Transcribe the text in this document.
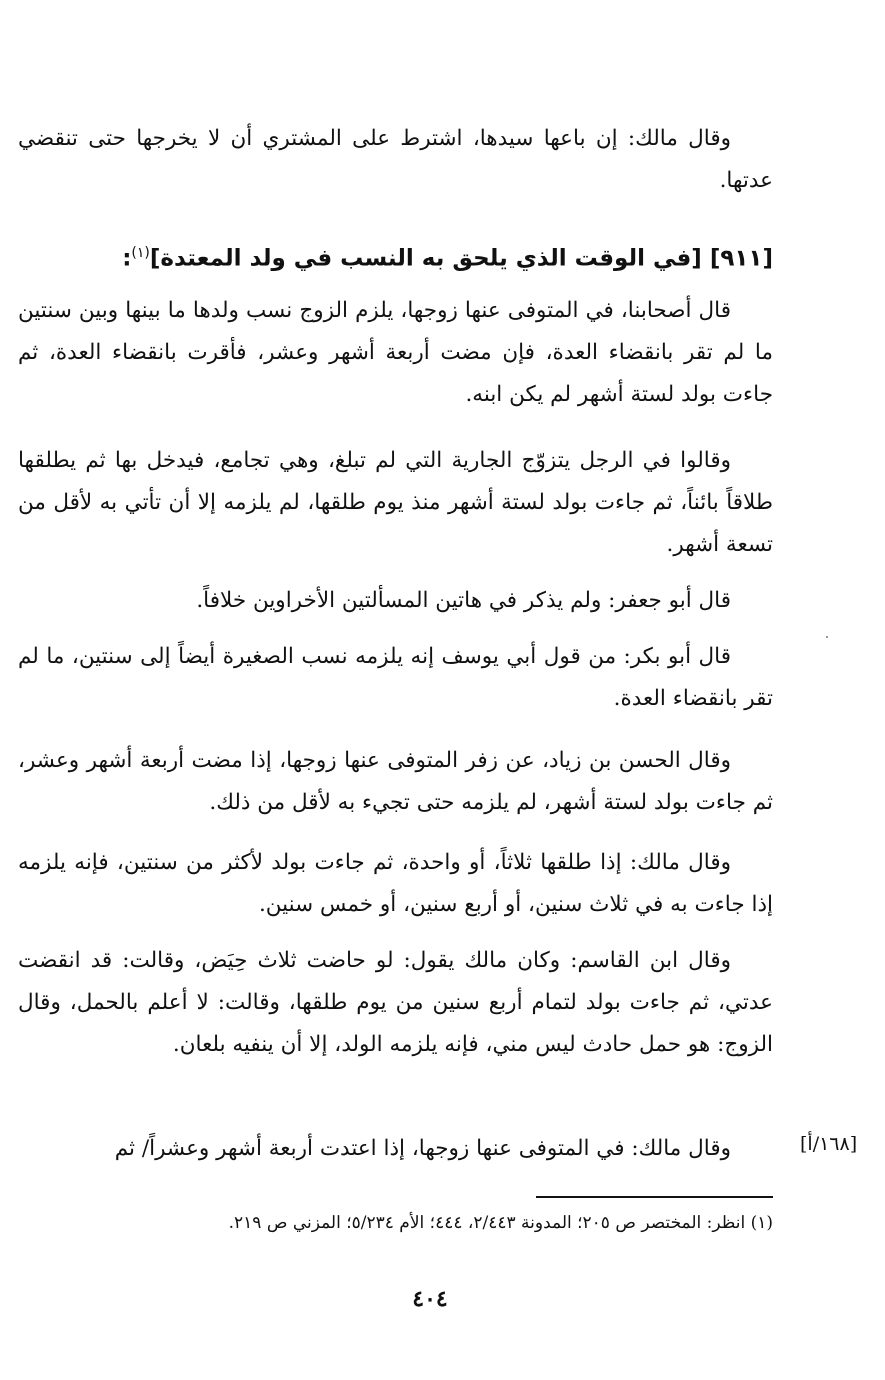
وقال مالك: إن باعها سيدها، اشترط على المشتري أن لا يخرجها حتى تنقضي عدتها.

[٩١١] [في الوقت الذي يلحق به النسب في ولد المعتدة]$^{(١)}$:

قال أصحابنا، في المتوفى عنها زوجها، يلزم الزوج نسب ولدها ما بينها وبين سنتين ما لم تقر بانقضاء العدة، فإن مضت أربعة أشهر وعشر، فأقرت بانقضاء العدة، ثم جاءت بولد لستة أشهر لم يكن ابنه.

وقالوا في الرجل يتزوّج الجارية التي لم تبلغ، وهي تجامع، فيدخل بها ثم يطلقها طلاقاً بائناً، ثم جاءت بولد لستة أشهر منذ يوم طلقها، لم يلزمه إلا أن تأتي به لأقل من تسعة أشهر.

قال أبو جعفر: ولم يذكر في هاتين المسألتين الأخراوين خلافاً.

قال أبو بكر: من قول أبي يوسف إنه يلزمه نسب الصغيرة أيضاً إلى سنتين، ما لم تقر بانقضاء العدة.

وقال الحسن بن زياد، عن زفر المتوفى عنها زوجها، إذا مضت أربعة أشهر وعشر، ثم جاءت بولد لستة أشهر، لم يلزمه حتى تجيء به لأقل من ذلك.

وقال مالك: إذا طلقها ثلاثاً، أو واحدة، ثم جاءت بولد لأكثر من سنتين، فإنه يلزمه إذا جاءت به في ثلاث سنين، أو أربع سنين، أو خمس سنين.

وقال ابن القاسم: وكان مالك يقول: لو حاضت ثلاث حِيَض، وقالت: قد انقضت عدتي، ثم جاءت بولد لتمام أربع سنين من يوم طلقها، وقالت: لا أعلم بالحمل، وقال الزوج: هو حمل حادث ليس مني، فإنه يلزمه الولد، إلا أن ينفيه بلعان.

وقال مالك: في المتوفى عنها زوجها، إذا اعتدت أربعة أشهر وعشراً/ ثم	[١٦٨/أ]

(١) انظر: المختصر ص ٢٠٥؛ المدونة ٢/٤٤٣، ٤٤٤؛ الأم ٥/٢٣٤؛ المزني ص ٢١٩.

٤٠٤
